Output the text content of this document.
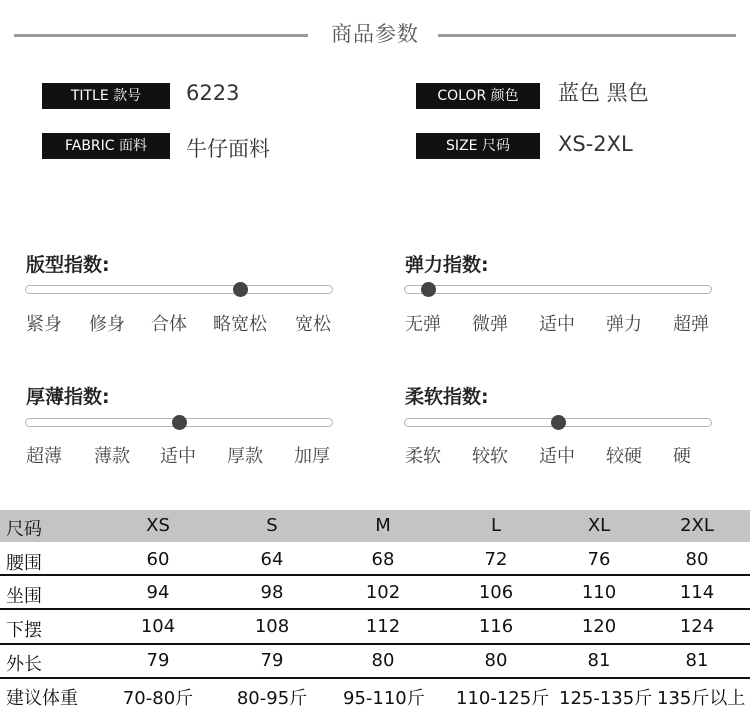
商品参数
TITLE 款号	6223	COLOR 颜色	蓝色 黑色
FABRIC 面料	牛仔面料	SIZE 尺码	XS-2XL
版型指数:
紧身 修身 合体 略宽松 宽松
弹力指数:
无弹 微弹 适中 弹力 超弹
厚薄指数:
超薄 薄款 适中 厚款 加厚
柔软指数:
柔软 较软 适中 较硬 硬
尺码	XS	S	M	L	XL	2XL
腰围	60	64	68	72	76	80
坐围	94	98	102	106	110	114
下摆	104	108	112	116	120	124
外长	79	79	80	80	81	81
建议体重 70-80斤 80-95斤 95-110斤 110-125斤 125-135斤 135斤以上
